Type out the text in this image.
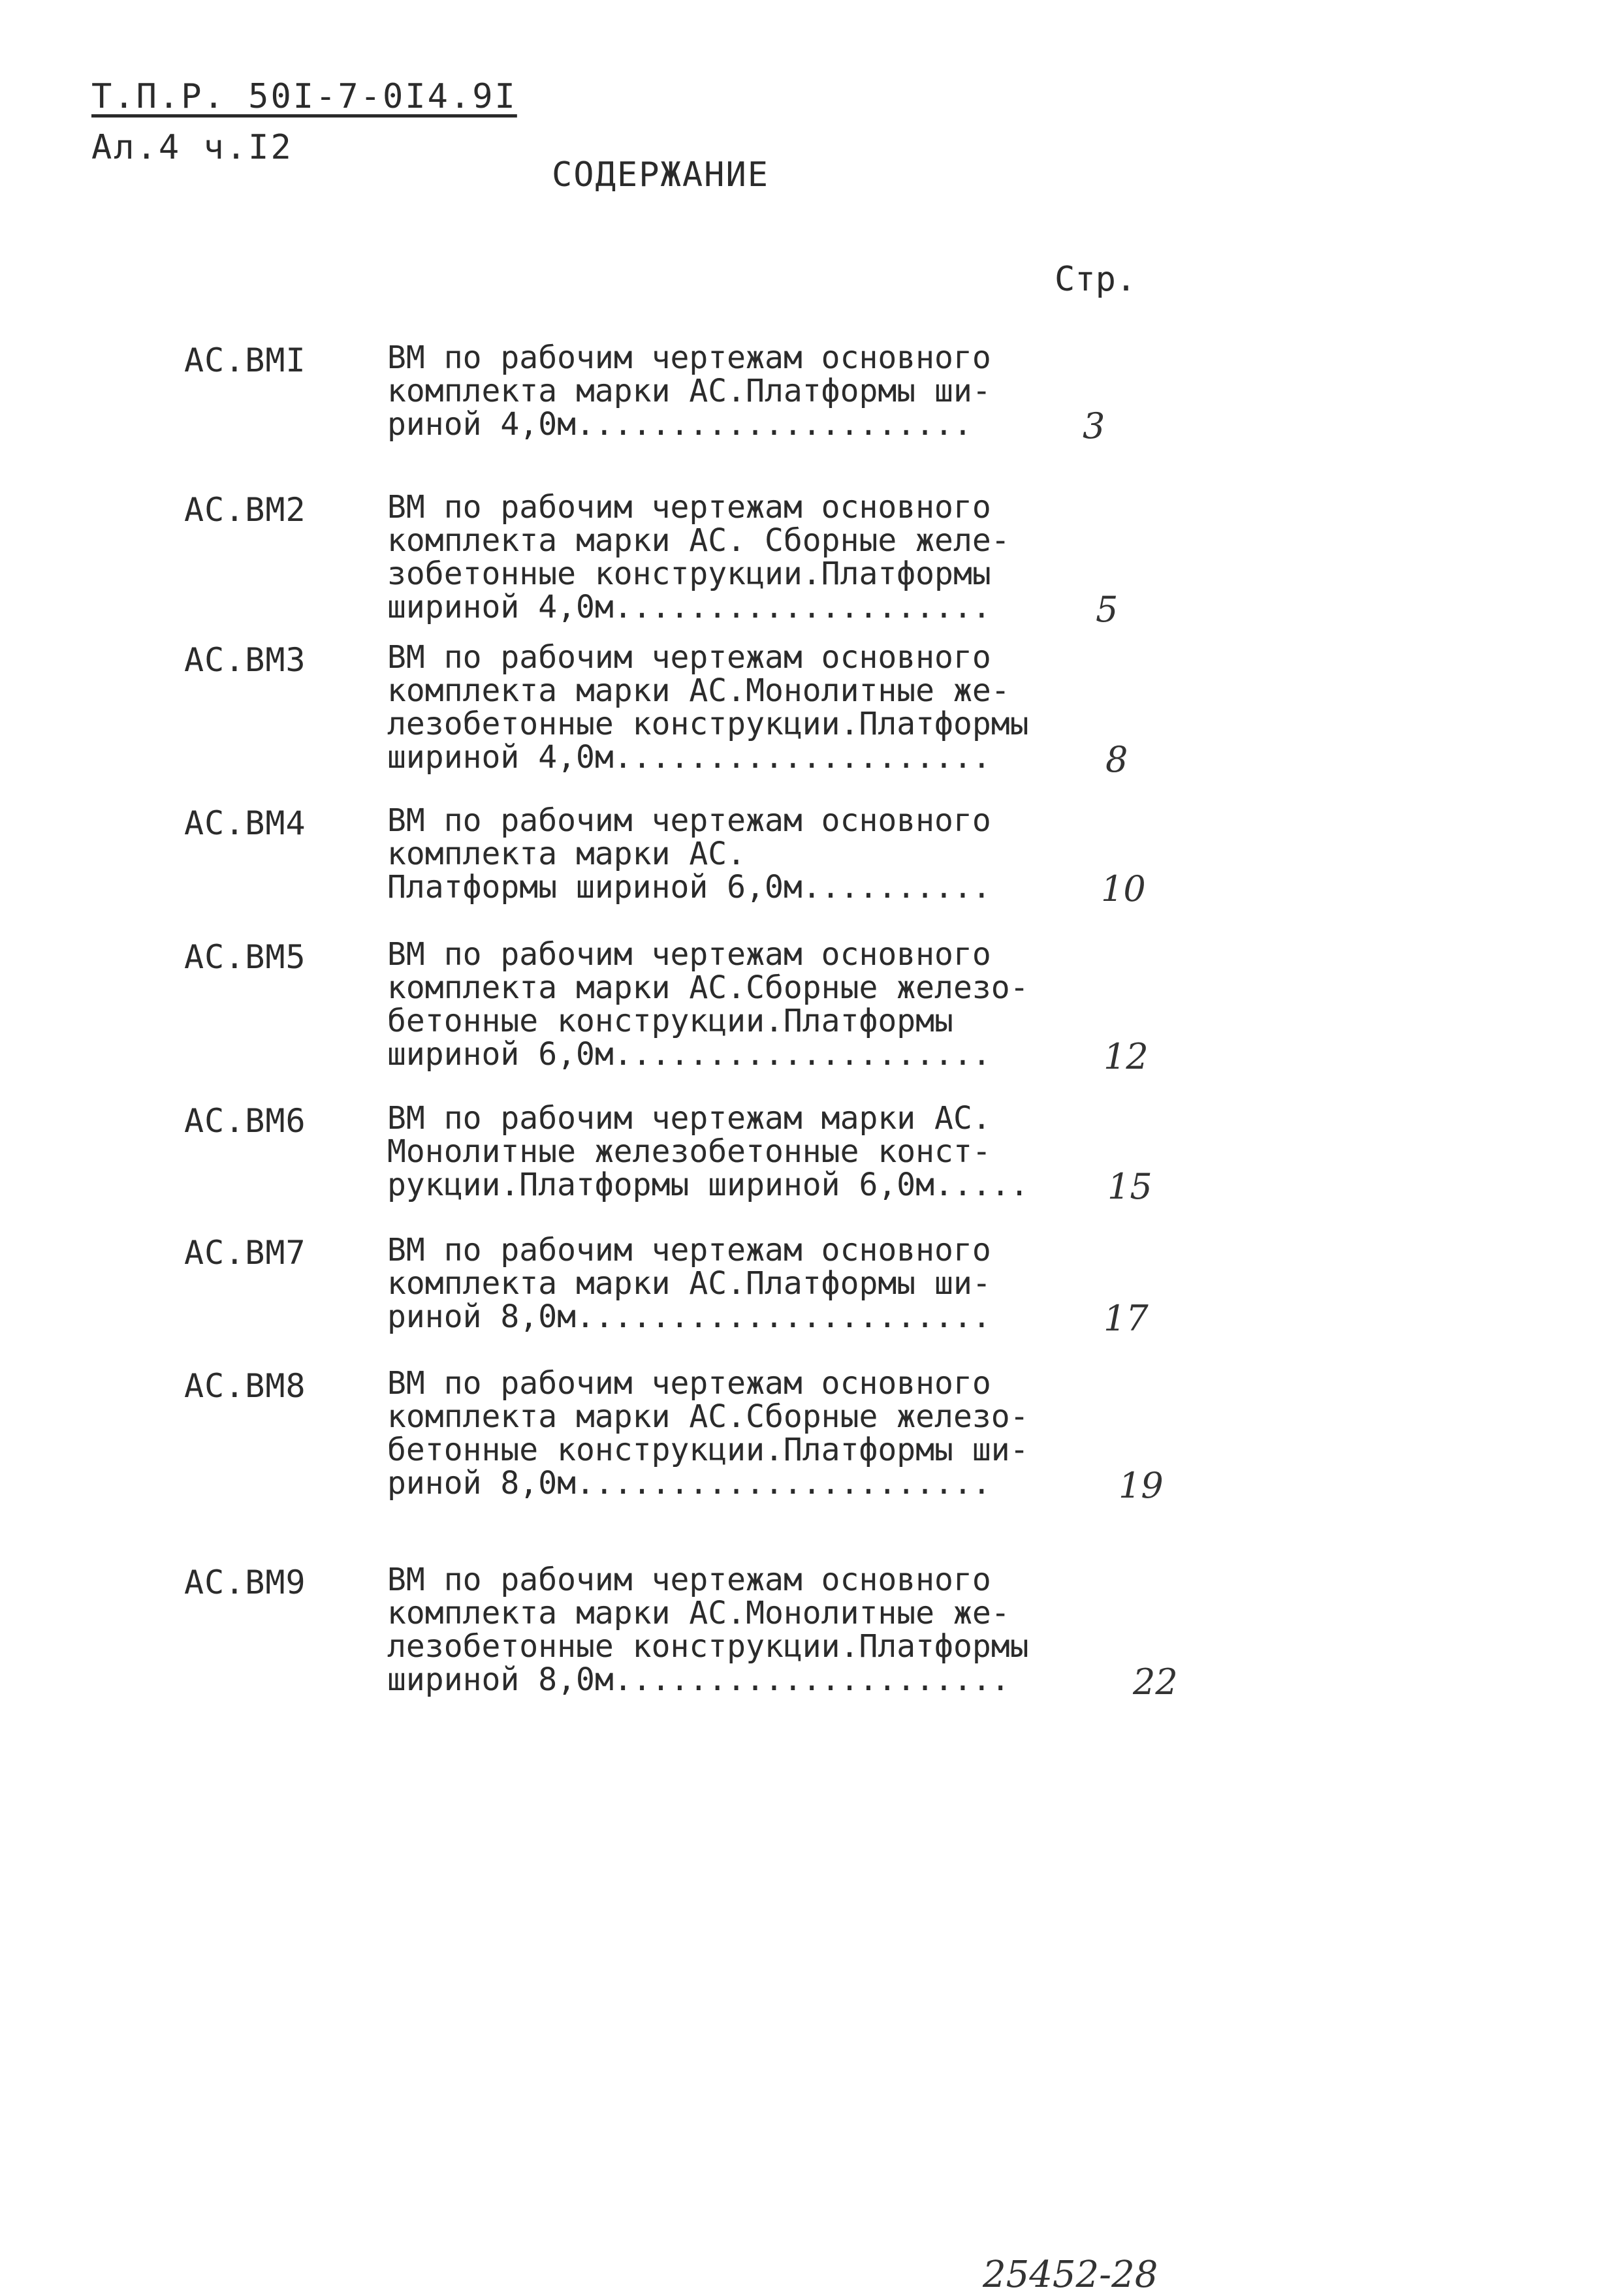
Т.П.Р. 50I-7-0I4.9I
Ал.4 ч.I2
СОДЕРЖАНИЕ
Стр.
АС.ВМI	ВМ по рабочим чертежам основного
комплекта марки АС.Платформы ши-
риной 4,0м.....................	3
АС.ВМ2	ВМ по рабочим чертежам основного
комплекта марки АС. Сборные желе-
зобетонные конструкции.Платформы
шириной 4,0м....................	5
АС.ВМ3	ВМ по рабочим чертежам основного
комплекта марки АС.Монолитные же-
лезобетонные конструкции.Платформы
шириной 4,0м....................	8
АС.ВМ4	ВМ по рабочим чертежам основного
комплекта марки АС.
Платформы шириной 6,0м..........	10
АС.ВМ5	ВМ по рабочим чертежам основного
комплекта марки АС.Сборные железо-
бетонные конструкции.Платформы
шириной 6,0м....................	12
АС.ВМ6	ВМ по рабочим чертежам марки АС.
Монолитные железобетонные конст-
рукции.Платформы шириной 6,0м.....	15
АС.ВМ7	ВМ по рабочим чертежам основного
комплекта марки АС.Платформы ши-
риной 8,0м......................	17
АС.ВМ8	ВМ по рабочим чертежам основного
комплекта марки АС.Сборные железо-
бетонные конструкции.Платформы ши-
риной 8,0м......................	19
АС.ВМ9	ВМ по рабочим чертежам основного
комплекта марки АС.Монолитные же-
лезобетонные конструкции.Платформы
шириной 8,0м.....................	22
25452-28
